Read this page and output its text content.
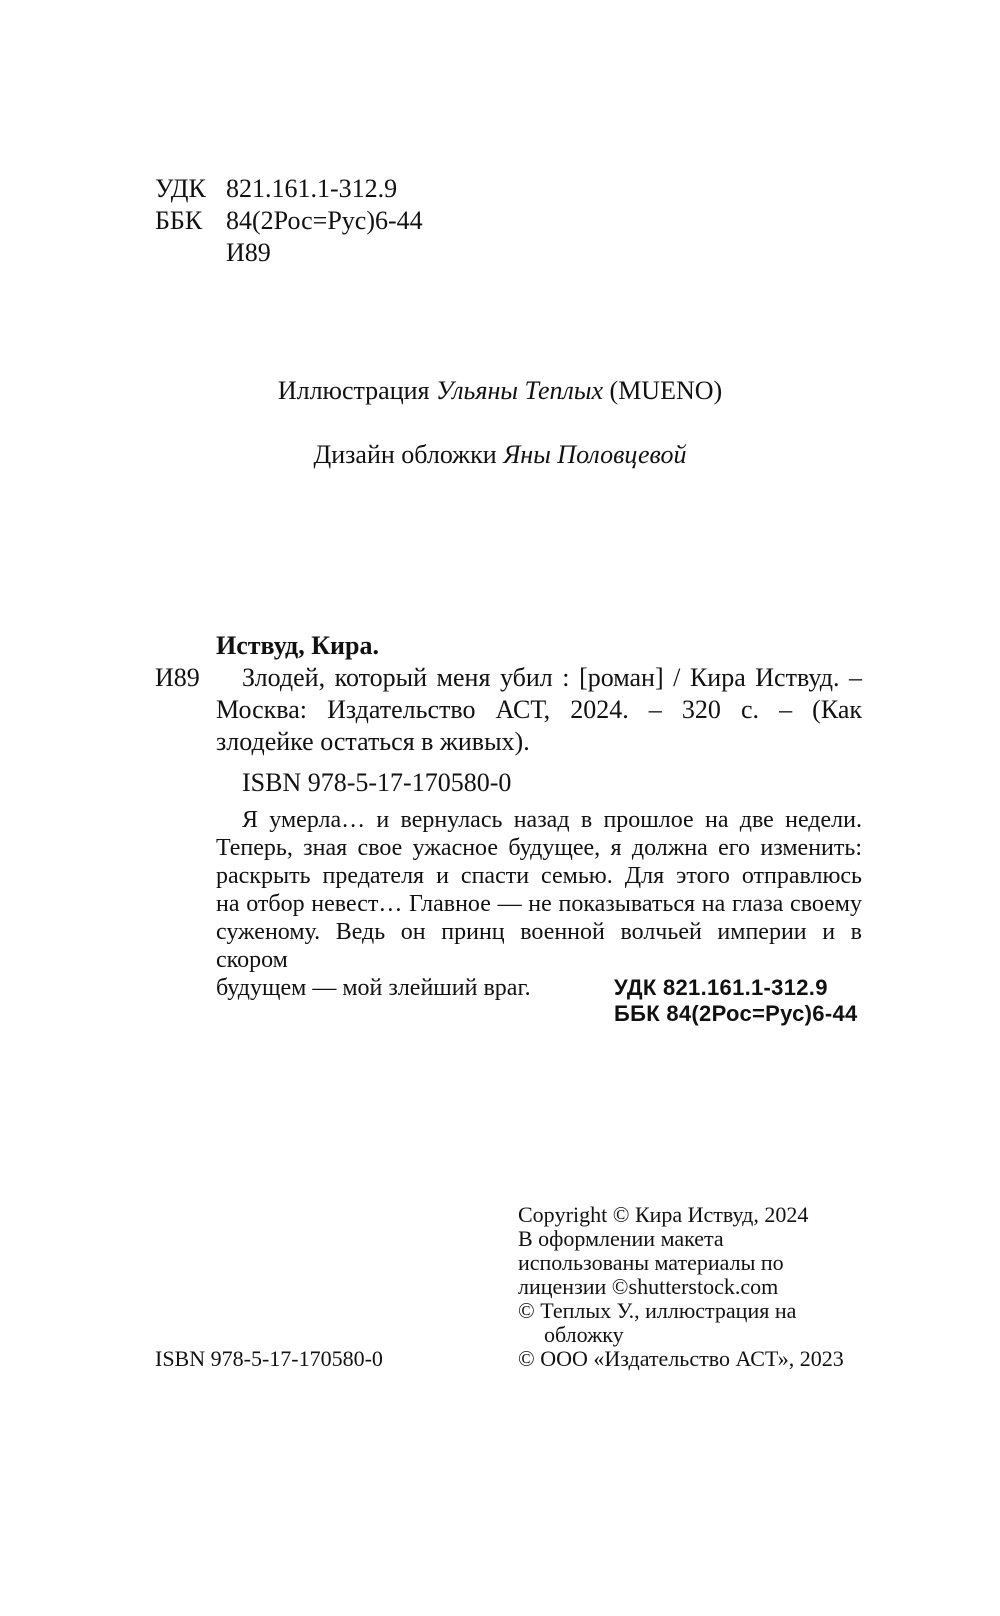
УДК 821.161.1-312.9
ББК 84(2Рос=Рус)6-44
И89
Иллюстрация Ульяны Теплых (MUENO)
Дизайн обложки Яны Половцевой
Иствуд, Кира.
И89 Злодей, который меня убил : [роман] / Кира Иствуд. –
Москва: Издательство АСТ, 2024. – 320 с. – (Как
злодейке остаться в живых).
ISBN 978-5-17-170580-0
Я умерла… и вернулась назад в прошлое на две недели.
Теперь, зная свое ужасное будущее, я должна его изменить:
раскрыть предателя и спасти семью. Для этого отправлюсь
на отбор невест… Главное — не показываться на глаза своему
суженому. Ведь он принц военной волчьей империи и в скором
будущем — мой злейший враг.	УДК 821.161.1-312.9
ББК 84(2Рос=Рус)6-44
Copyright © Кира Иствуд, 2024
В оформлении макета
использованы материалы по
лицензии ©shutterstock.com
© Теплых У., иллюстрация на
обложку
© ООО «Издательство АСТ», 2023
ISBN 978-5-17-170580-0
